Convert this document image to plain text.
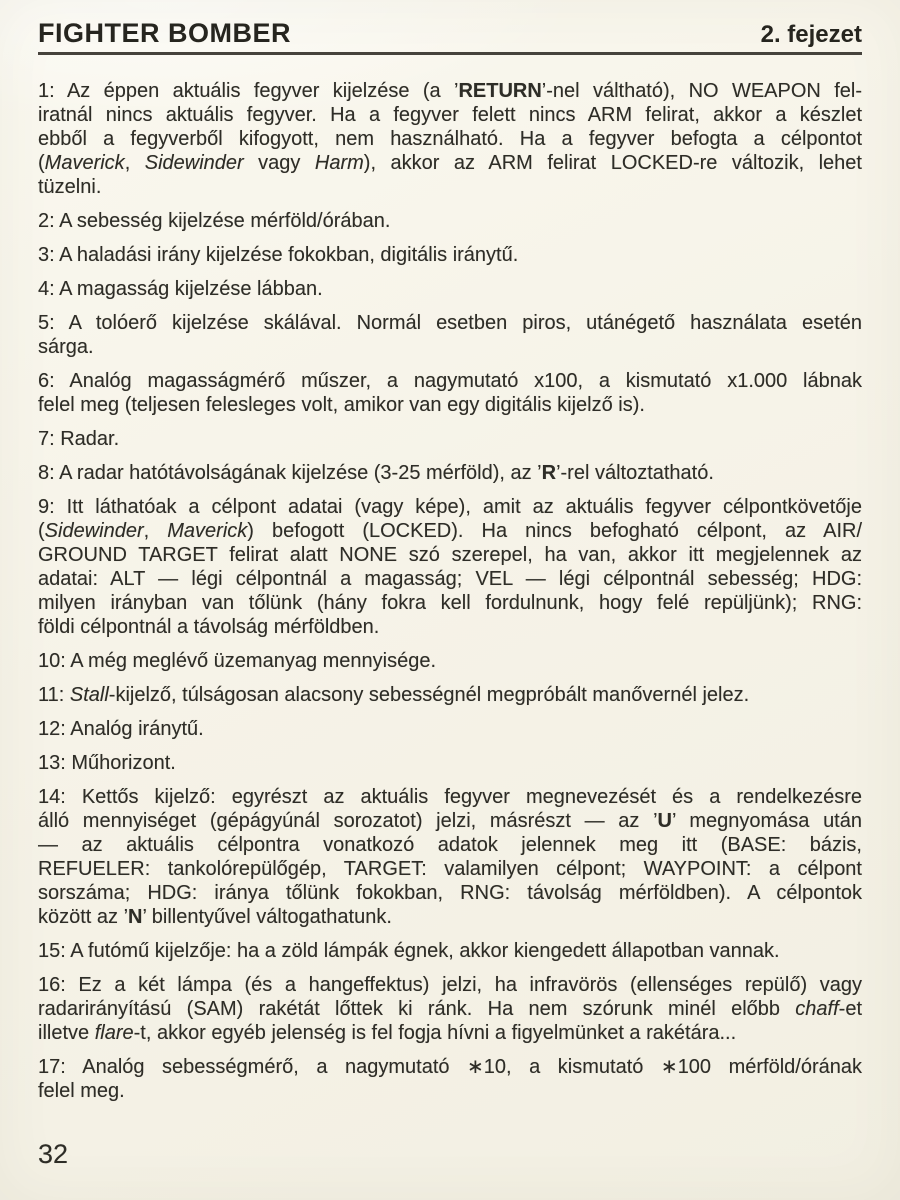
FIGHTER BOMBER	2. fejezet

1: Az éppen aktuális fegyver kijelzése (a ’RETURN’-nel váltható), NO WEAPON fel-
iratnál nincs aktuális fegyver. Ha a fegyver felett nincs ARM felirat, akkor a készlet
ebből a fegyverből kifogyott, nem használható. Ha a fegyver befogta a célpontot
(Maverick, Sidewinder vagy Harm), akkor az ARM felirat LOCKED-re változik, lehet
tüzelni.

2: A sebesség kijelzése mérföld/órában.

3: A haladási irány kijelzése fokokban, digitális iránytű.

4: A magasság kijelzése lábban.

5: A tolóerő kijelzése skálával. Normál esetben piros, utánégető használata esetén
sárga.

6: Analóg magasságmérő műszer, a nagymutató x100, a kismutató x1.000 lábnak
felel meg (teljesen felesleges volt, amikor van egy digitális kijelző is).

7: Radar.

8: A radar hatótávolságának kijelzése (3-25 mérföld), az ’R’-rel változtatható.

9: Itt láthatóak a célpont adatai (vagy képe), amit az aktuális fegyver célpontkövetője
(Sidewinder, Maverick) befogott (LOCKED). Ha nincs befogható célpont, az AIR/
GROUND TARGET felirat alatt NONE szó szerepel, ha van, akkor itt megjelennek az
adatai: ALT — légi célpontnál a magasság; VEL — légi célpontnál sebesség; HDG:
milyen irányban van tőlünk (hány fokra kell fordulnunk, hogy felé repüljünk); RNG:
földi célpontnál a távolság mérföldben.

10: A még meglévő üzemanyag mennyisége.

11: Stall-kijelző, túlságosan alacsony sebességnél megpróbált manővernél jelez.

12: Analóg iránytű.

13: Műhorizont.

14: Kettős kijelző: egyrészt az aktuális fegyver megnevezését és a rendelkezésre
álló mennyiséget (gépágyúnál sorozatot) jelzi, másrészt — az ’U’ megnyomása után
— az aktuális célpontra vonatkozó adatok jelennek meg itt (BASE: bázis,
REFUELER: tankolórepülőgép, TARGET: valamilyen célpont; WAYPOINT: a célpont
sorszáma; HDG: iránya tőlünk fokokban, RNG: távolság mérföldben). A célpontok
között az ’N’ billentyűvel váltogathatunk.

15: A futómű kijelzője: ha a zöld lámpák égnek, akkor kiengedett állapotban vannak.

16: Ez a két lámpa (és a hangeffektus) jelzi, ha infravörös (ellenséges repülő) vagy
radarirányítású (SAM) rakétát lőttek ki ránk. Ha nem szórunk minél előbb chaff-et
illetve flare-t, akkor egyéb jelenség is fel fogja hívni a figyelmünket a rakétára...

17: Analóg sebességmérő, a nagymutató ∗10, a kismutató ∗100 mérföld/órának
felel meg.

32
